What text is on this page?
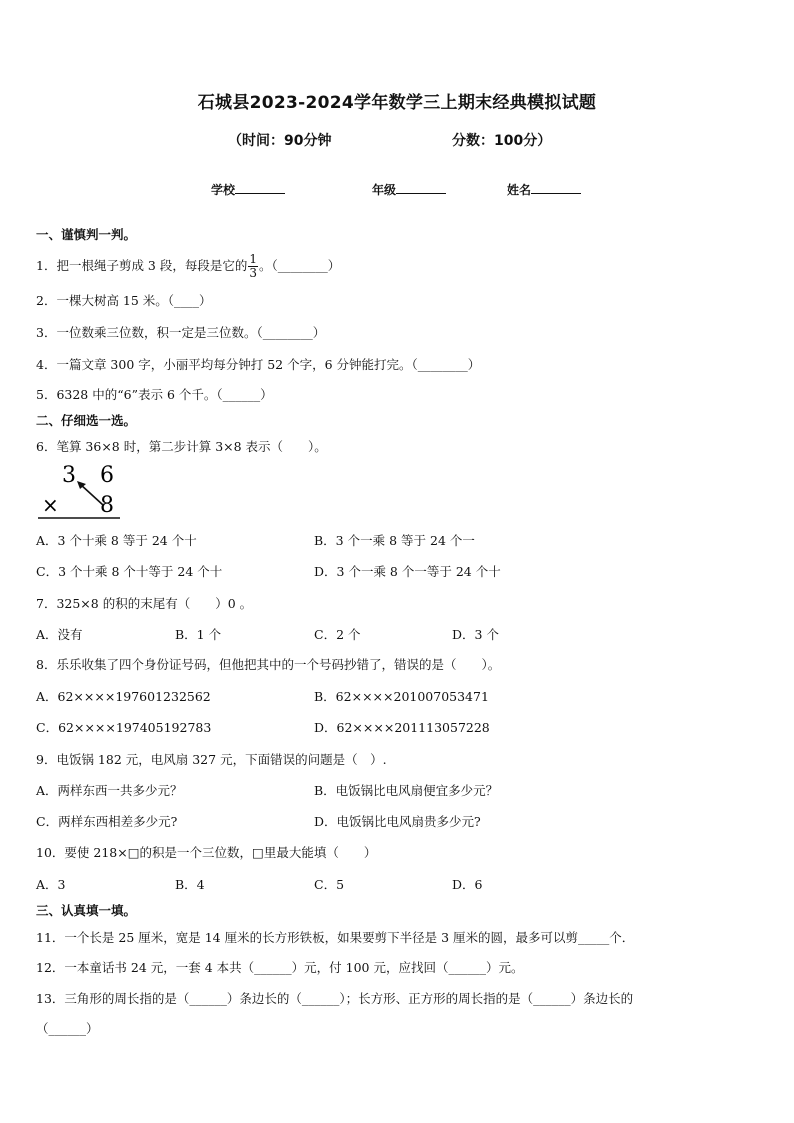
石城县2023-2024学年数学三上期末经典模拟试题
（时间：90分钟	分数：100分）
学校	年级	姓名
一、谨慎判一判。
1．把一根绳子剪成 3 段，每段是它的 $\frac{1}{3}$ 。（________）
2．一棵大树高 15 米。（____）
3．一位数乘三位数，积一定是三位数。（________）
4．一篇文章 300 字，小丽平均每分钟打 52 个字，6 分钟能打完。（________）
5．6328 中的“6”表示 6 个千。（______）
二、仔细选一选。
6．笔算 36×8 时，第二步计算 3×8 表示（　　）。
3 6
× 8
A．3 个十乘 8 等于 24 个十	B．3 个一乘 8 等于 24 个一
C．3 个十乘 8 个十等于 24 个十	D．3 个一乘 8 个一等于 24 个十
7．325×8 的积的末尾有（　　）0 。
A．没有	B．1 个	C．2 个	D．3 个
8．乐乐收集了四个身份证号码，但他把其中的一个号码抄错了，错误的是（　　）。
A．62××××197601232562	B．62××××201007053471
C．62××××197405192783	D．62××××201113057228
9．电饭锅 182 元，电风扇 327 元，下面错误的问题是（　）.
A．两样东西一共多少元？	B．电饭锅比电风扇便宜多少元？
C．两样东西相差多少元?	D．电饭锅比电风扇贵多少元?
10．要使 218×□的积是一个三位数，□里最大能填（　　）
A．3	B．4	C．5	D．6
三、认真填一填。
11．一个长是 25 厘米，宽是 14 厘米的长方形铁板，如果要剪下半径是 3 厘米的圆，最多可以剪_____个．
12．一本童话书 24 元，一套 4 本共（______）元，付 100 元，应找回（______）元。
13．三角形的周长指的是（______）条边长的（______）；长方形、正方形的周长指的是（______）条边长的
（______）
